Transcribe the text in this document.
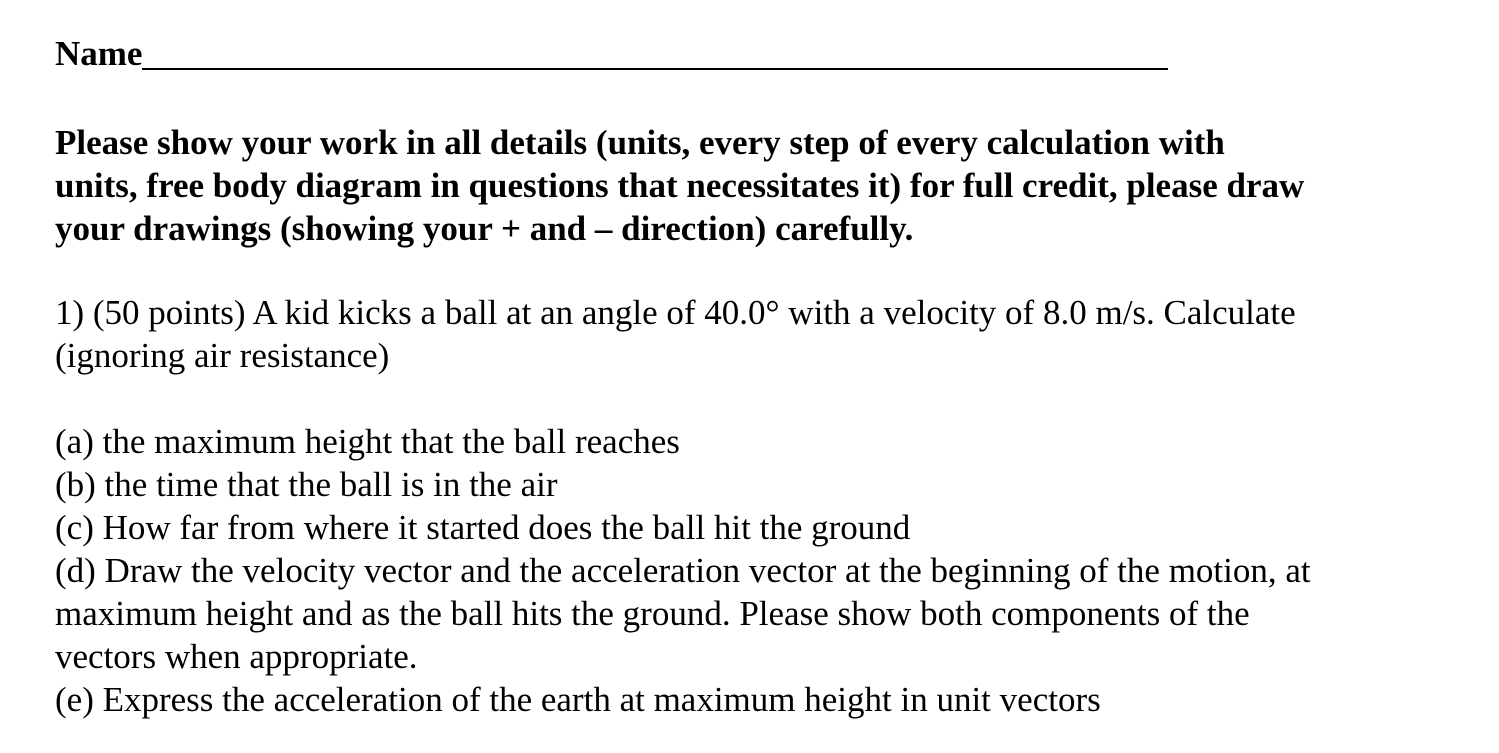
Name
Please show your work in all details (units, every step of every calculation with
units, free body diagram in questions that necessitates it) for full credit, please draw
your drawings (showing your + and – direction) carefully.
1) (50 points) A kid kicks a ball at an angle of 40.0° with a velocity of 8.0 m/s. Calculate
(ignoring air resistance)
(a) the maximum height that the ball reaches
(b) the time that the ball is in the air
(c) How far from where it started does the ball hit the ground
(d) Draw the velocity vector and the acceleration vector at the beginning of the motion, at
maximum height and as the ball hits the ground. Please show both components of the
vectors when appropriate.
(e) Express the acceleration of the earth at maximum height in unit vectors
